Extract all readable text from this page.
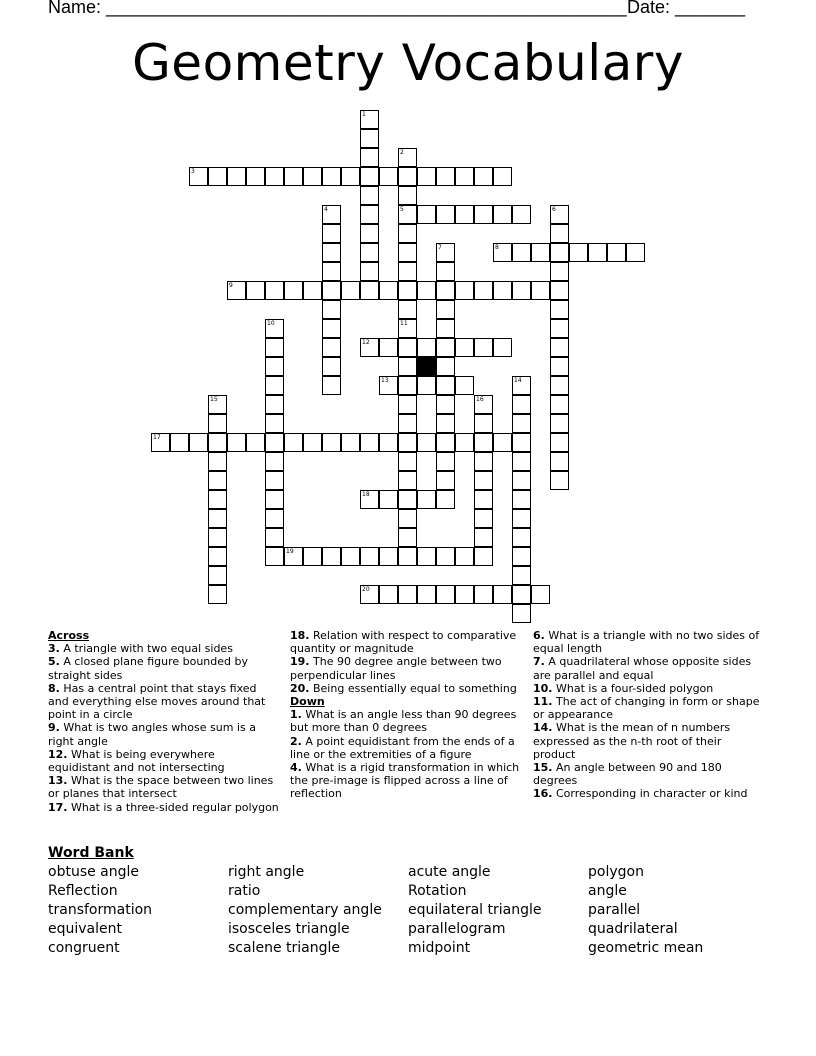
Name: ____________________________________________________ Date: _______
Geometry Vocabulary
1
2
3
4	5	6
7	8
9
10	11
12
13	14
15	16
17
18
19
20
Across
3. A triangle with two equal sides
5. A closed plane figure bounded by straight sides
8. Has a central point that stays fixed and everything else moves around that point in a circle
9. What is two angles whose sum is a right angle
12. What is being everywhere equidistant and not intersecting
13. What is the space between two lines or planes that intersect
17. What is a three-sided regular polygon
18. Relation with respect to comparative quantity or magnitude
19. The 90 degree angle between two perpendicular lines
20. Being essentially equal to something
Down
1. What is an angle less than 90 degrees but more than 0 degrees
2. A point equidistant from the ends of a line or the extremities of a figure
4. What is a rigid transformation in which the pre-image is flipped across a line of reflection
6. What is a triangle with no two sides of equal length
7. A quadrilateral whose opposite sides are parallel and equal
10. What is a four-sided polygon
11. The act of changing in form or shape or appearance
14. What is the mean of n numbers expressed as the n-th root of their product
15. An angle between 90 and 180 degrees
16. Corresponding in character or kind
Word Bank
obtuse angle
Reflection
transformation
equivalent
congruent
right angle
ratio
complementary angle
isosceles triangle
scalene triangle
acute angle
Rotation
equilateral triangle
parallelogram
midpoint
polygon
angle
parallel
quadrilateral
geometric mean
